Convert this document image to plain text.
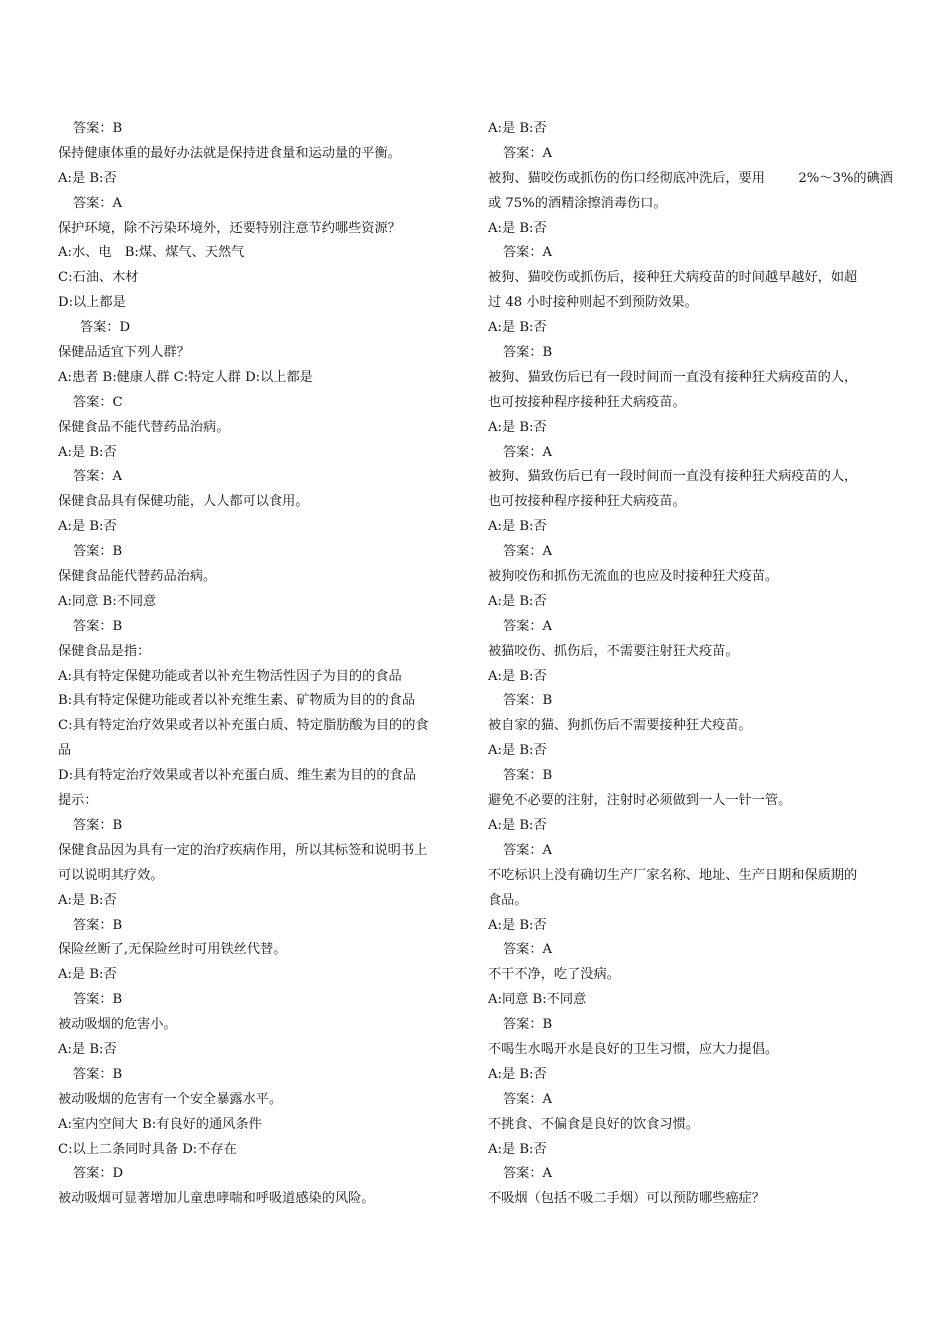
答案：B
保持健康体重的最好办法就是保持进食量和运动量的平衡。
A:是 B:否
答案：A
保护环境，除不污染环境外，还要特别注意节约哪些资源？
A:水、电　B:煤、煤气、天然气
C:石油、木材
D:以上都是
答案：D
保健品适宜下列人群？
A:患者 B:健康人群 C:特定人群 D:以上都是
答案：C
保健食品不能代替药品治病。
A:是 B:否
答案：A
保健食品具有保健功能，人人都可以食用。
A:是 B:否
答案：B
保健食品能代替药品治病。
A:同意 B:不同意
答案：B
保健食品是指：
A:具有特定保健功能或者以补充生物活性因子为目的的食品
B:具有特定保健功能或者以补充维生素、矿物质为目的的食品
C:具有特定治疗效果或者以补充蛋白质、特定脂肪酸为目的的食
品
D:具有特定治疗效果或者以补充蛋白质、维生素为目的的食品
提示：
答案：B
保健食品因为具有一定的治疗疾病作用，所以其标签和说明书上
可以说明其疗效。
A:是 B:否
答案：B
保险丝断了,无保险丝时可用铁丝代替。
A:是 B:否
答案：B
被动吸烟的危害小。
A:是 B:否
答案：B
被动吸烟的危害有一个安全暴露水平。
A:室内空间大 B:有良好的通风条件
C:以上二条同时具备 D:不存在
答案：D
被动吸烟可显著增加儿童患哮喘和呼吸道感染的风险。
A:是 B:否
答案：A
被狗、猫咬伤或抓伤的伤口经彻底冲洗后，要用	2%～3%的碘酒
或 75%的酒精涂擦消毒伤口。
A:是 B:否
答案：A
被狗、猫咬伤或抓伤后，接种狂犬病疫苗的时间越早越好，如超
过 48 小时接种则起不到预防效果。
A:是 B:否
答案：B
被狗、猫致伤后已有一段时间而一直没有接种狂犬病疫苗的人，
也可按接种程序接种狂犬病疫苗。
A:是 B:否
答案：A
被狗、猫致伤后已有一段时间而一直没有接种狂犬病疫苗的人，
也可按接种程序接种狂犬病疫苗。
A:是 B:否
答案：A
被狗咬伤和抓伤无流血的也应及时接种狂犬疫苗。
A:是 B:否
答案：A
被猫咬伤、抓伤后，不需要注射狂犬疫苗。
A:是 B:否
答案：B
被自家的猫、狗抓伤后不需要接种狂犬疫苗。
A:是 B:否
答案：B
避免不必要的注射，注射时必须做到一人一针一管。
A:是 B:否
答案：A
不吃标识上没有确切生产厂家名称、地址、生产日期和保质期的
食品。
A:是 B:否
答案：A
不干不净，吃了没病。
A:同意 B:不同意
答案：B
不喝生水喝开水是良好的卫生习惯，应大力提倡。
A:是 B:否
答案：A
不挑食、不偏食是良好的饮食习惯。
A:是 B:否
答案：A
不吸烟（包括不吸二手烟）可以预防哪些癌症？
